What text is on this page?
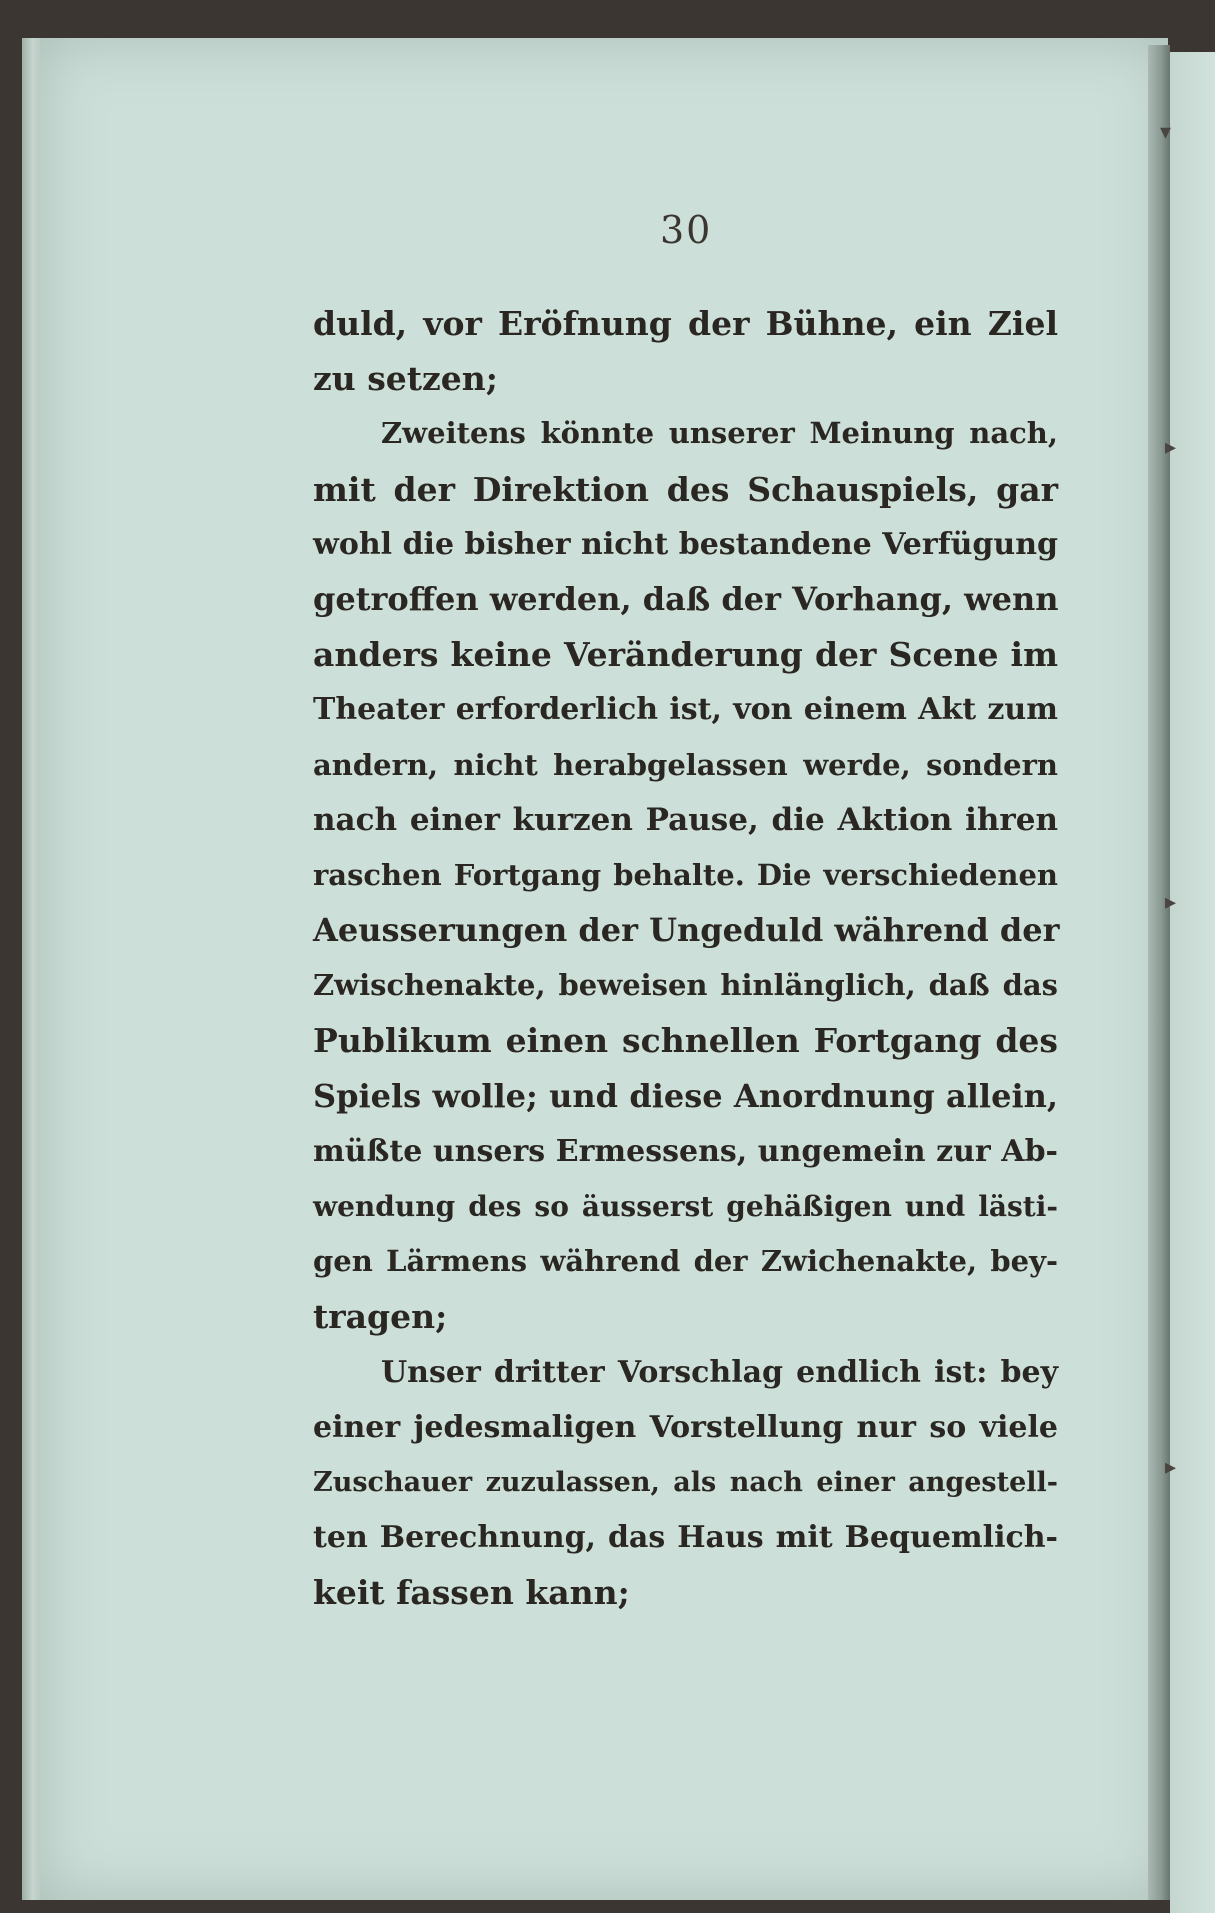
30
duld, vor Eröfnung der Bühne, ein Ziel
zu setzen;
Zweitens könnte unserer Meinung nach,
mit der Direktion des Schauspiels, gar
wohl die bisher nicht bestandene Verfügung
getroffen werden, daß der Vorhang, wenn
anders keine Veränderung der Scene im
Theater erforderlich ist, von einem Akt zum
andern, nicht herabgelassen werde, sondern
nach einer kurzen Pause, die Aktion ihren
raschen Fortgang behalte. Die verschiedenen
Aeusserungen der Ungeduld während der
Zwischenakte, beweisen hinlänglich, daß das
Publikum einen schnellen Fortgang des
Spiels wolle; und diese Anordnung allein,
müßte unsers Ermessens, ungemein zur Ab-
wendung des so äusserst gehäßigen und lästi-
gen Lärmens während der Zwichenakte, bey-
tragen;
Unser dritter Vorschlag endlich ist: bey
einer jedesmaligen Vorstellung nur so viele
Zuschauer zuzulassen, als nach einer angestell-
ten Berechnung, das Haus mit Bequemlich-
keit fassen kann;
▾
▸
▸
▸
